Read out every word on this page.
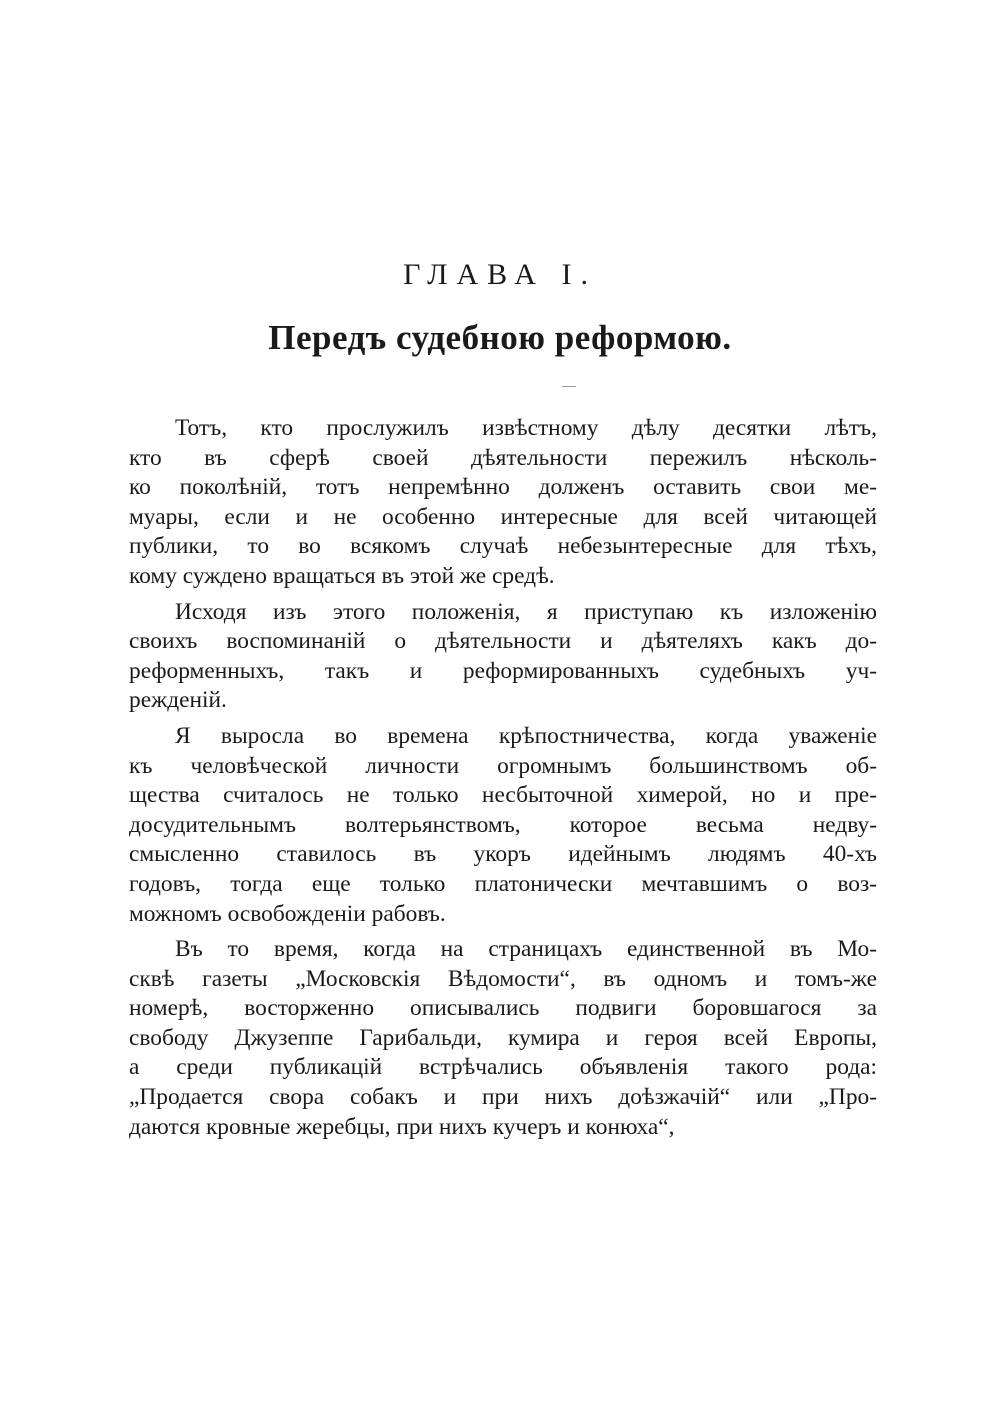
ГЛАВА I.
Передъ судебною реформою.
Тотъ, кто прослужилъ извѣстному дѣлу десятки лѣтъ,
кто въ сферѣ своей дѣятельности пережилъ нѣсколь-
ко поколѣній, тотъ непремѣнно долженъ оставить свои ме-
муары, если и не особенно интересные для всей читающей
публики, то во всякомъ случаѣ небезынтересные для тѣхъ,
кому суждено вращаться въ этой же средѣ.
Исходя изъ этого положенія, я приступаю къ изложенію
своихъ воспоминаній о дѣятельности и дѣятеляхъ какъ до-
реформенныхъ, такъ и реформированныхъ судебныхъ уч-
режденій.
Я выросла во времена крѣпостничества, когда уваженіе
къ человѣческой личности огромнымъ большинствомъ об-
щества считалось не только несбыточной химерой, но и пре-
досудительнымъ волтерьянствомъ, которое весьма недву-
смысленно ставилось въ укоръ идейнымъ людямъ 40-хъ
годовъ, тогда еще только платонически мечтавшимъ о воз-
можномъ освобожденіи рабовъ.
Въ то время, когда на страницахъ единственной въ Мо-
сквѣ газеты „Московскія Вѣдомости“, въ одномъ и томъ-же
номерѣ, восторженно описывались подвиги боровшагося за
свободу Джузеппе Гарибальди, кумира и героя всей Европы,
а среди публикацій встрѣчались объявленія такого рода:
„Продается свора собакъ и при нихъ доѣзжачій“ или „Про-
даются кровные жеребцы, при нихъ кучеръ и конюха“,
